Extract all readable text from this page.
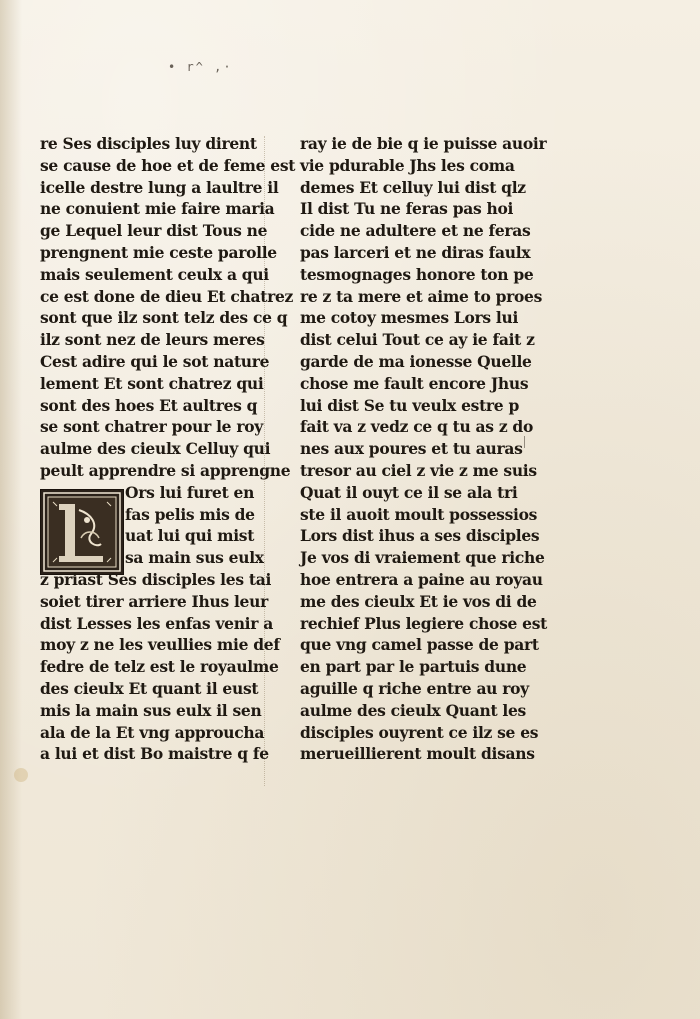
• r^ ,·
re Ses disciples luy dirent
se cause de hoe et de feme est
icelle destre lung a laultre il
ne conuient mie faire maria
ge Lequel leur dist Tous ne
prengnent mie ceste parolle
mais seulement ceulx a qui
ce est done de dieu Et chatrez
sont que ilz sont telz des ce q
ilz sont nez de leurs meres
Cest adire qui le sot nature
lement Et sont chatrez qui
sont des hoes Et aultres q
se sont chatrer pour le roy
aulme des cieulx Celluy qui
peult apprendre si apprengne
Ors lui furet en
fas pelis mis de
uat lui qui mist
sa main sus eulx
z priast Ses disciples les tai
soiet tirer arriere Ihus leur
dist Lesses les enfas venir a
moy z ne les veullies mie def
fedre de telz est le royaulme
des cieulx Et quant il eust
mis la main sus eulx il sen
ala de la Et vng approucha
a lui et dist Bo maistre q fe
ray ie de bie q ie puisse auoir
vie pdurable Jhs les coma
demes Et celluy lui dist qlz
Il dist Tu ne feras pas hoi
cide ne adultere et ne feras
pas larceri et ne diras faulx
tesmognages honore ton pe
re z ta mere et aime to proes
me cotoy mesmes Lors lui
dist celui Tout ce ay ie fait z
garde de ma ionesse Quelle
chose me fault encore Jhus
lui dist Se tu veulx estre p
fait va z vedz ce q tu as z do
nes aux poures et tu auras
tresor au ciel z vie z me suis
Quat il ouyt ce il se ala tri
ste il auoit moult possessios
Lors dist ihus a ses disciples
Je vos di vraiement que riche
hoe entrera a paine au royau
me des cieulx Et ie vos di de
rechief Plus legiere chose est
que vng camel passe de part
en part par le partuis dune
aguille q riche entre au roy
aulme des cieulx Quant les
disciples ouyrent ce ilz se es
merueillierent moult disans
